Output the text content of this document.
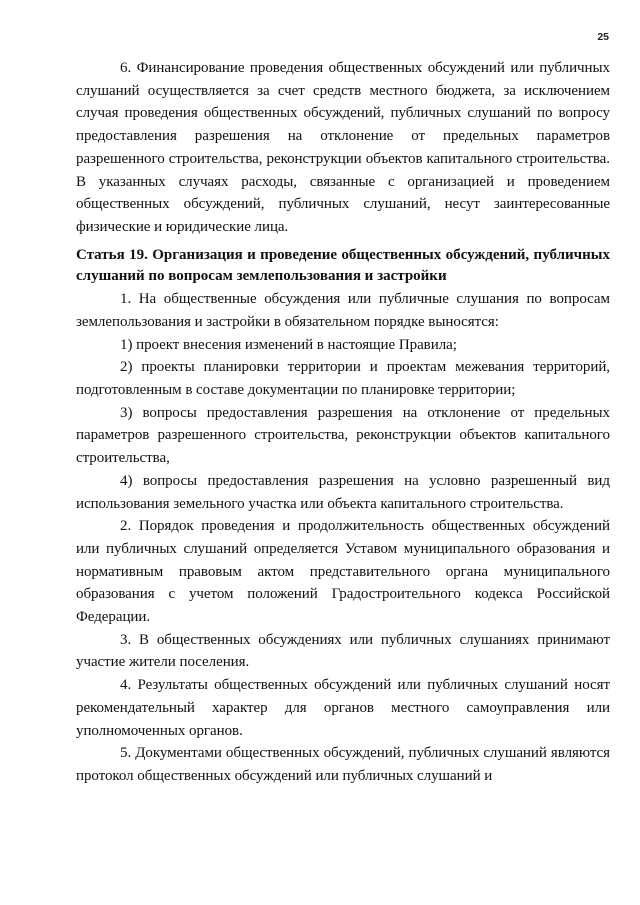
25

6. Финансирование проведения общественных обсуждений или публичных слушаний осуществляется за счет средств местного бюджета, за исключением случая проведения общественных обсуждений, публичных слушаний по вопросу предоставления разрешения на отклонение от предельных параметров разрешенного строительства, реконструкции объектов капитального строительства. В указанных случаях расходы, связанные с организацией и проведением общественных обсуждений, публичных слушаний, несут заинтересованные физические и юридические лица.

Статья 19. Организация и проведение общественных обсуждений, публичных слушаний по вопросам землепользования и застройки

1. На общественные обсуждения или публичные слушания по вопросам землепользования и застройки в обязательном порядке выносятся:

1) проект внесения изменений в настоящие Правила;

2) проекты планировки территории и проектам межевания территорий, подготовленным в составе документации по планировке территории;

3) вопросы предоставления разрешения на отклонение от предельных параметров разрешенного строительства, реконструкции объектов капитального строительства,

4) вопросы предоставления разрешения на условно разрешенный вид использования земельного участка или объекта капитального строительства.

2. Порядок проведения и продолжительность общественных обсуждений или публичных слушаний определяется Уставом муниципального образования и нормативным правовым актом представительного органа муниципального образования с учетом положений Градостроительного кодекса Российской Федерации.

3. В общественных обсуждениях или публичных слушаниях принимают участие жители поселения.

4. Результаты общественных обсуждений или публичных слушаний носят рекомендательный характер для органов местного самоуправления или уполномоченных органов.

5. Документами общественных обсуждений, публичных слушаний являются протокол общественных обсуждений или публичных слушаний и
